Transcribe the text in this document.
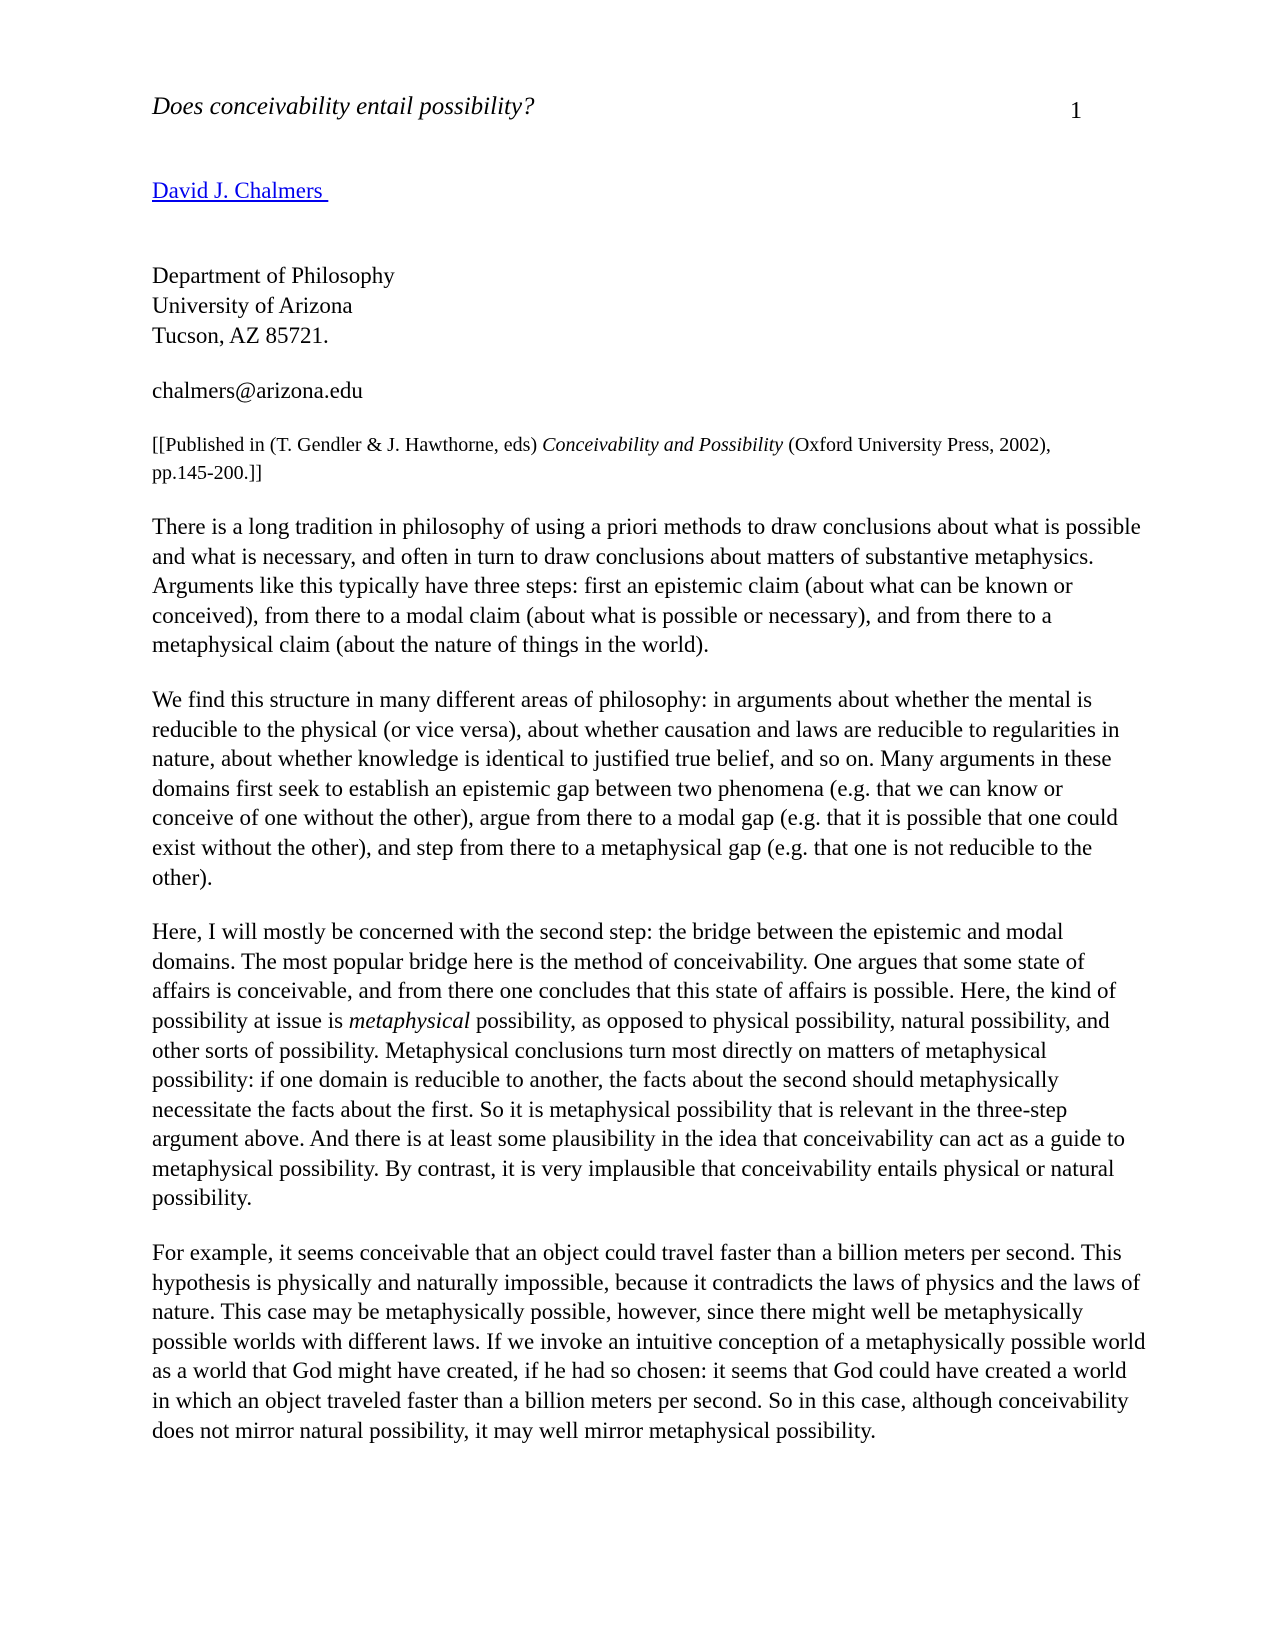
1
Does conceivability entail possibility?
David J. Chalmers
Department of Philosophy
University of Arizona
Tucson, AZ 85721.
chalmers@arizona.edu
[[Published in (T. Gendler & J. Hawthorne, eds) Conceivability and Possibility (Oxford University Press, 2002),
pp.145-200.]]

There is a long tradition in philosophy of using a priori methods to draw conclusions about what is possible and what is necessary, and often in turn to draw conclusions about matters of substantive metaphysics. Arguments like this typically have three steps: first an epistemic claim (about what can be known or conceived), from there to a modal claim (about what is possible or necessary), and from there to a metaphysical claim (about the nature of things in the world).

We find this structure in many different areas of philosophy: in arguments about whether the mental is reducible to the physical (or vice versa), about whether causation and laws are reducible to regularities in nature, about whether knowledge is identical to justified true belief, and so on. Many arguments in these domains first seek to establish an epistemic gap between two phenomena (e.g. that we can know or conceive of one without the other), argue from there to a modal gap (e.g. that it is possible that one could exist without the other), and step from there to a metaphysical gap (e.g. that one is not reducible to the other).

Here, I will mostly be concerned with the second step: the bridge between the epistemic and modal domains. The most popular bridge here is the method of conceivability. One argues that some state of affairs is conceivable, and from there one concludes that this state of affairs is possible. Here, the kind of possibility at issue is metaphysical possibility, as opposed to physical possibility, natural possibility, and other sorts of possibility. Metaphysical conclusions turn most directly on matters of metaphysical possibility: if one domain is reducible to another, the facts about the second should metaphysically necessitate the facts about the first. So it is metaphysical possibility that is relevant in the three-step argument above. And there is at least some plausibility in the idea that conceivability can act as a guide to metaphysical possibility. By contrast, it is very implausible that conceivability entails physical or natural possibility.

For example, it seems conceivable that an object could travel faster than a billion meters per second. This hypothesis is physically and naturally impossible, because it contradicts the laws of physics and the laws of nature. This case may be metaphysically possible, however, since there might well be metaphysically possible worlds with different laws. If we invoke an intuitive conception of a metaphysically possible world as a world that God might have created, if he had so chosen: it seems that God could have created a world in which an object traveled faster than a billion meters per second. So in this case, although conceivability does not mirror natural possibility, it may well mirror metaphysical possibility.
